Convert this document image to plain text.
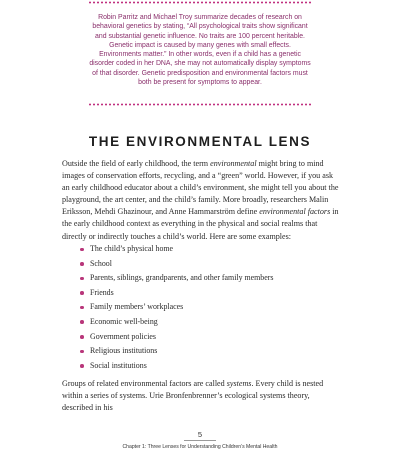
Robin Parritz and Michael Troy summarize decades of research on behavioral genetics by stating, “All psychological traits show significant and substantial genetic influence. No traits are 100 percent heritable. Genetic impact is caused by many genes with small effects. Environments matter.” In other words, even if a child has a genetic disorder coded in her DNA, she may not automatically display symptoms of that disorder. Genetic predisposition and environmental factors must both be present for symptoms to appear.

THE ENVIRONMENTAL LENS

Outside the field of early childhood, the term environmental might bring to mind images of conservation efforts, recycling, and a “green” world. However, if you ask an early childhood educator about a child’s environment, she might tell you about the playground, the art center, and the child’s family. More broadly, researchers Malin Eriksson, Mehdi Ghazinour, and Anne Hammarström define environmental factors in the early childhood context as everything in the physical and social realms that directly or indirectly touches a child’s world. Here are some examples:

The child’s physical home
School
Parents, siblings, grandparents, and other family members
Friends
Family members’ workplaces
Economic well-being
Government policies
Religious institutions
Social institutions

Groups of related environmental factors are called systems. Every child is nested within a series of systems. Urie Bronfenbrenner’s ecological systems theory, described in his

5
Chapter 1: Three Lenses for Understanding Children’s Mental Health
